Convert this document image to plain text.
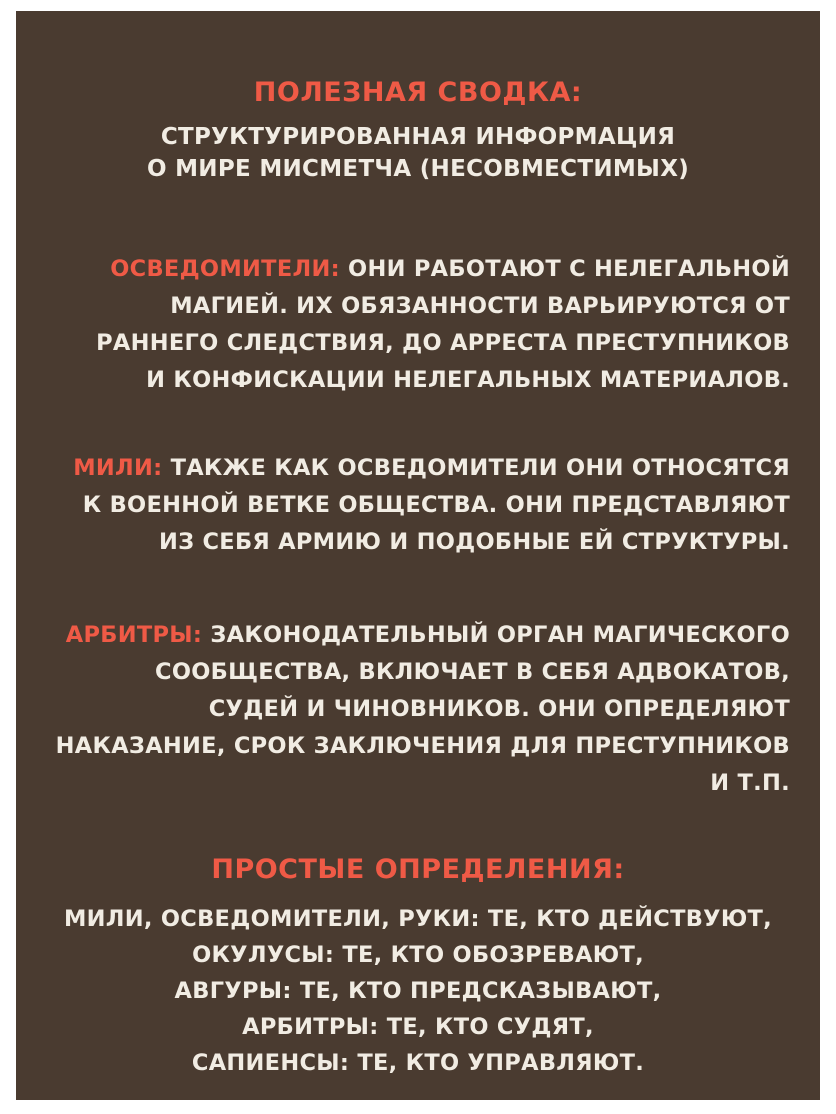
ПОЛЕЗНАЯ СВОДКА:
СТРУКТУРИРОВАННАЯ ИНФОРМАЦИЯ
О МИРЕ МИСМЕТЧА (НЕСОВМЕСТИМЫХ)
ОСВЕДОМИТЕЛИ: ОНИ РАБОТАЮТ С НЕЛЕГАЛЬНОЙ
МАГИЕЙ. ИХ ОБЯЗАННОСТИ ВАРЬИРУЮТСЯ ОТ
РАННЕГО СЛЕДСТВИЯ, ДО АРРЕСТА ПРЕСТУПНИКОВ
И КОНФИСКАЦИИ НЕЛЕГАЛЬНЫХ МАТЕРИАЛОВ.
МИЛИ: ТАКЖЕ КАК ОСВЕДОМИТЕЛИ ОНИ ОТНОСЯТСЯ
К ВОЕННОЙ ВЕТКЕ ОБЩЕСТВА. ОНИ ПРЕДСТАВЛЯЮТ
ИЗ СЕБЯ АРМИЮ И ПОДОБНЫЕ ЕЙ СТРУКТУРЫ.
АРБИТРЫ: ЗАКОНОДАТЕЛЬНЫЙ ОРГАН МАГИЧЕСКОГО
СООБЩЕСТВА, ВКЛЮЧАЕТ В СЕБЯ АДВОКАТОВ,
СУДЕЙ И ЧИНОВНИКОВ. ОНИ ОПРЕДЕЛЯЮТ
НАКАЗАНИЕ, СРОК ЗАКЛЮЧЕНИЯ ДЛЯ ПРЕСТУПНИКОВ
И Т.П.
ПРОСТЫЕ ОПРЕДЕЛЕНИЯ:
МИЛИ, ОСВЕДОМИТЕЛИ, РУКИ: ТЕ, КТО ДЕЙСТВУЮТ,
ОКУЛУСЫ: ТЕ, КТО ОБОЗРЕВАЮТ,
АВГУРЫ: ТЕ, КТО ПРЕДСКАЗЫВАЮТ,
АРБИТРЫ: ТЕ, КТО СУДЯТ,
САПИЕНСЫ: ТЕ, КТО УПРАВЛЯЮТ.
